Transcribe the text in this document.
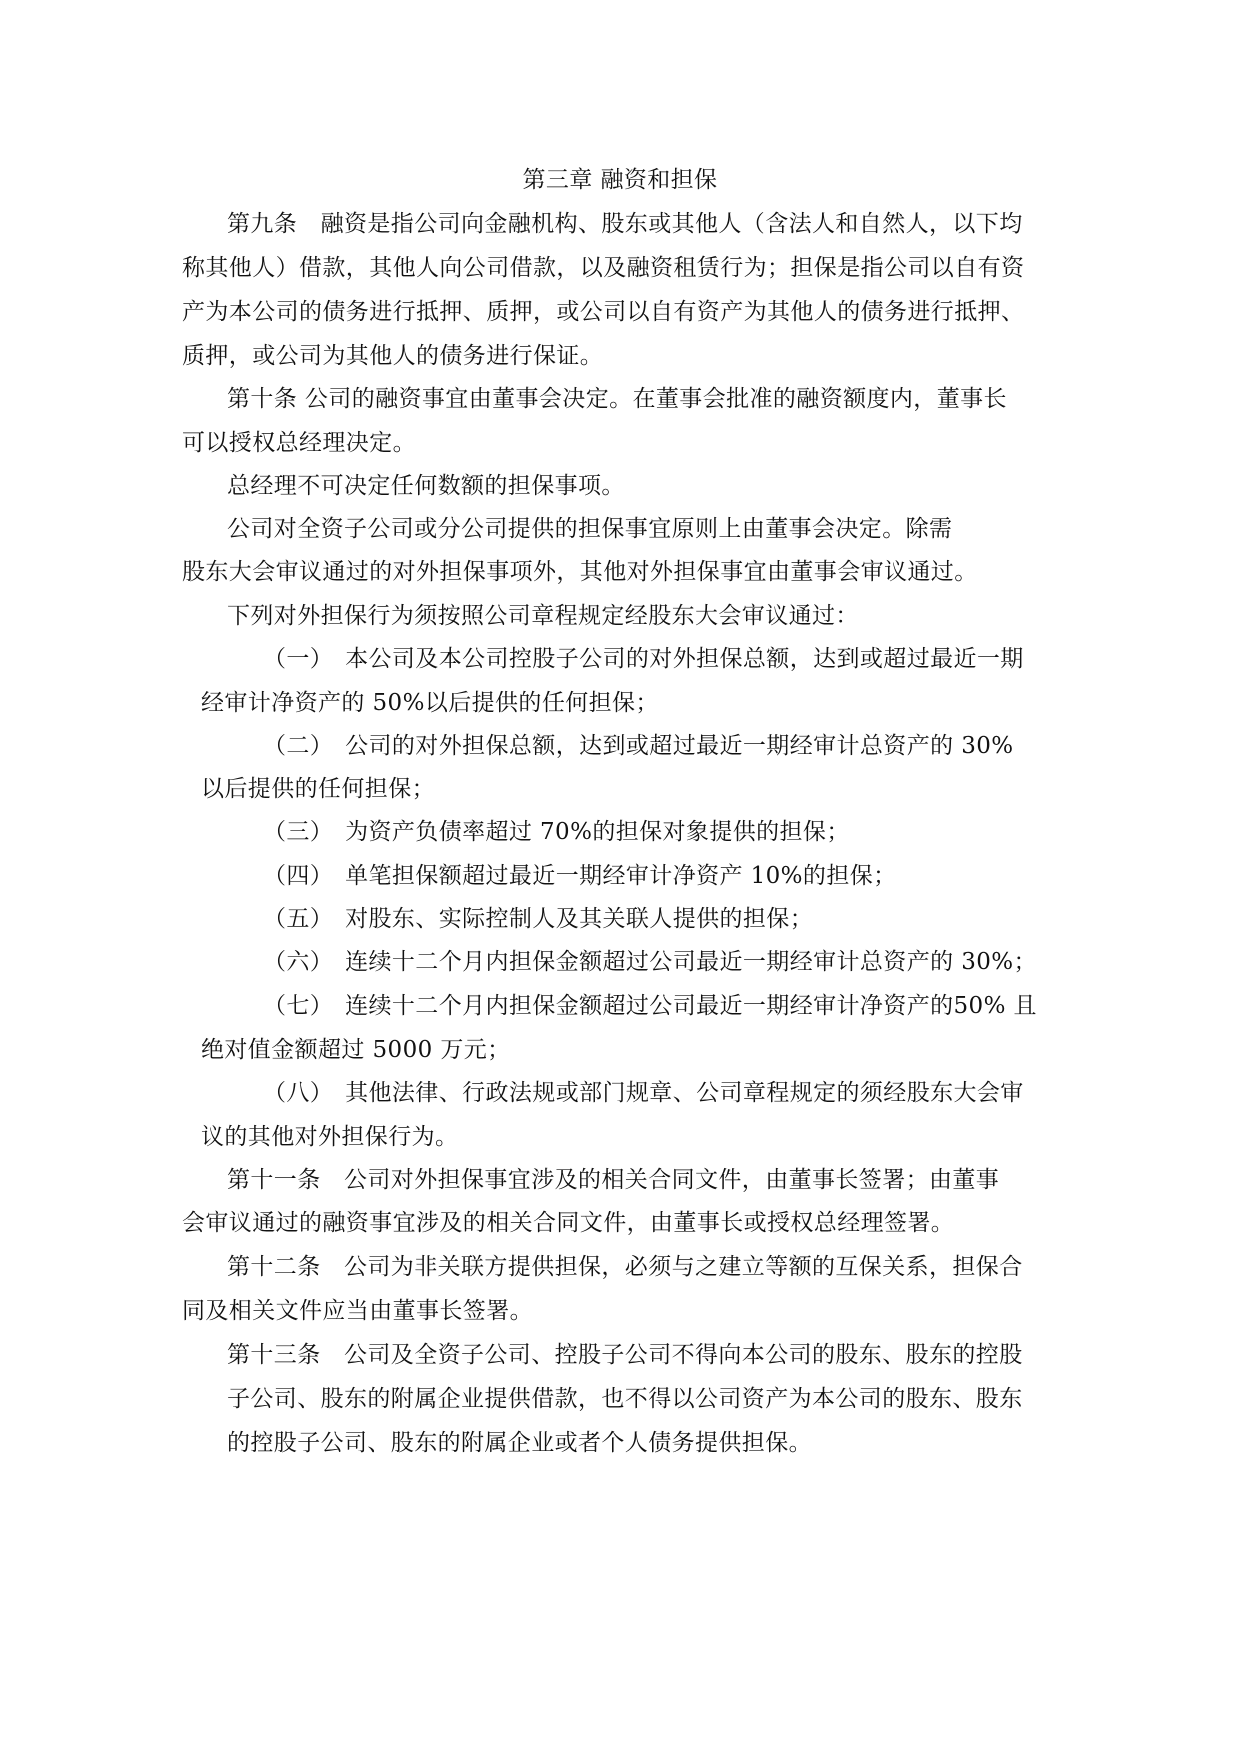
第三章 融资和担保
第九条　融资是指公司向金融机构、股东或其他人（含法人和自然人，以下均
称其他人）借款，其他人向公司借款，以及融资租赁行为；担保是指公司以自有资
产为本公司的债务进行抵押、质押，或公司以自有资产为其他人的债务进行抵押、
质押，或公司为其他人的债务进行保证。
第十条 公司的融资事宜由董事会决定。在董事会批准的融资额度内，董事长
可以授权总经理决定。
总经理不可决定任何数额的担保事项。
公司对全资子公司或分公司提供的担保事宜原则上由董事会决定。除需
股东大会审议通过的对外担保事项外，其他对外担保事宜由董事会审议通过。
下列对外担保行为须按照公司章程规定经股东大会审议通过：
（一）　本公司及本公司控股子公司的对外担保总额，达到或超过最近一期
经审计净资产的 50%以后提供的任何担保；
（二）　公司的对外担保总额，达到或超过最近一期经审计总资产的 30%
以后提供的任何担保；
（三）　为资产负债率超过 70%的担保对象提供的担保；
（四）　单笔担保额超过最近一期经审计净资产 10%的担保；
（五）　对股东、实际控制人及其关联人提供的担保；
（六）　连续十二个月内担保金额超过公司最近一期经审计总资产的 30%；
（七）　连续十二个月内担保金额超过公司最近一期经审计净资产的50% 且
绝对值金额超过 5000 万元；
（八）　其他法律、行政法规或部门规章、公司章程规定的须经股东大会审
议的其他对外担保行为。
第十一条　公司对外担保事宜涉及的相关合同文件，由董事长签署；由董事
会审议通过的融资事宜涉及的相关合同文件，由董事长或授权总经理签署。
第十二条　公司为非关联方提供担保，必须与之建立等额的互保关系，担保合
同及相关文件应当由董事长签署。
第十三条　公司及全资子公司、控股子公司不得向本公司的股东、股东的控股
子公司、股东的附属企业提供借款，也不得以公司资产为本公司的股东、股东
的控股子公司、股东的附属企业或者个人债务提供担保。
